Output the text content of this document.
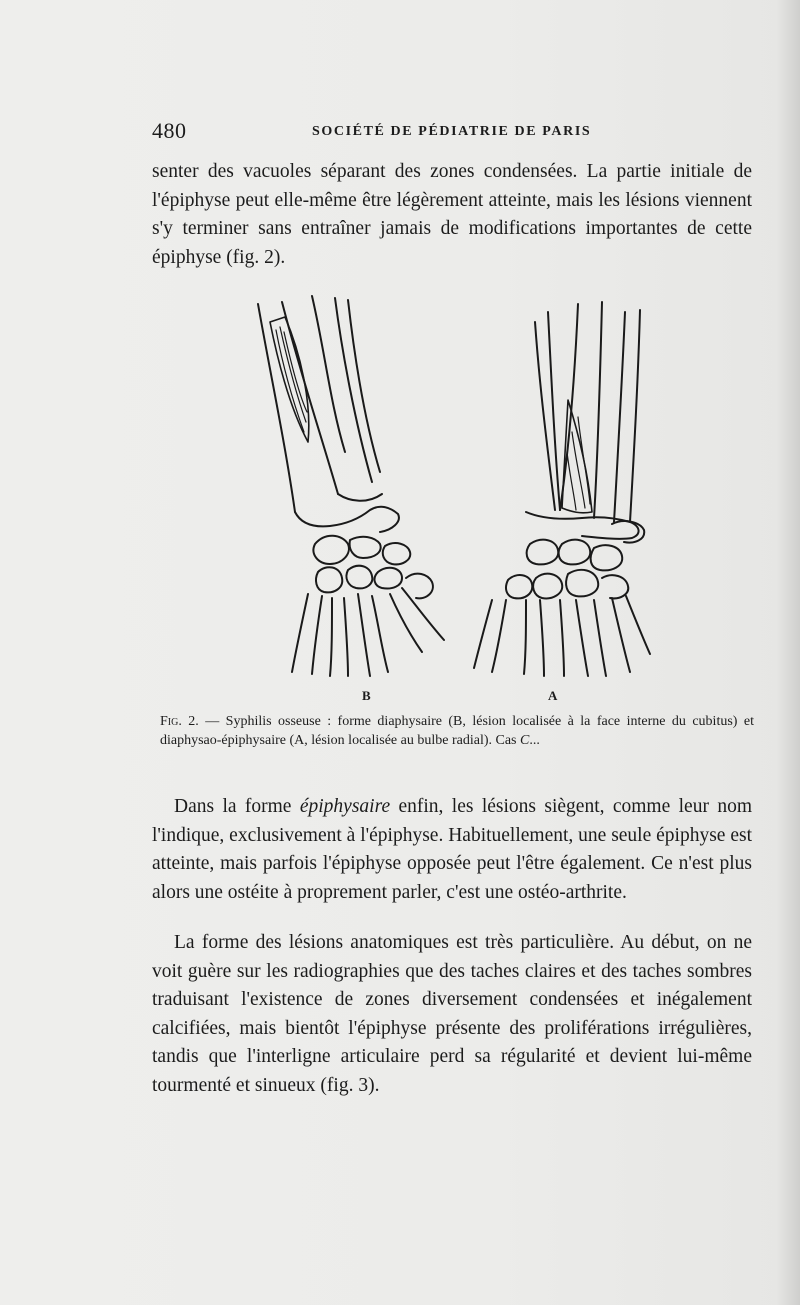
480	SOCIÉTÉ DE PÉDIATRIE DE PARIS

senter des vacuoles séparant des zones condensées. La partie initiale de l'épiphyse peut elle-même être légèrement atteinte, mais les lésions viennent s'y terminer sans entraîner jamais de modifications importantes de cette épiphyse (fig. 2).

B	A

Fig. 2. — Syphilis osseuse : forme diaphysaire (B, lésion localisée à la face interne du cubitus) et diaphysao-épiphysaire (A, lésion localisée au bulbe radial). Cas C...

Dans la forme épiphysaire enfin, les lésions siègent, comme leur nom l'indique, exclusivement à l'épiphyse. Habituellement, une seule épiphyse est atteinte, mais parfois l'épiphyse opposée peut l'être également. Ce n'est plus alors une ostéite à proprement parler, c'est une ostéo-arthrite.

La forme des lésions anatomiques est très particulière. Au début, on ne voit guère sur les radiographies que des taches claires et des taches sombres traduisant l'existence de zones diversement condensées et inégalement calcifiées, mais bientôt l'épiphyse présente des proliférations irrégulières, tandis que l'interligne articulaire perd sa régularité et devient lui-même tourmenté et sinueux (fig. 3).
